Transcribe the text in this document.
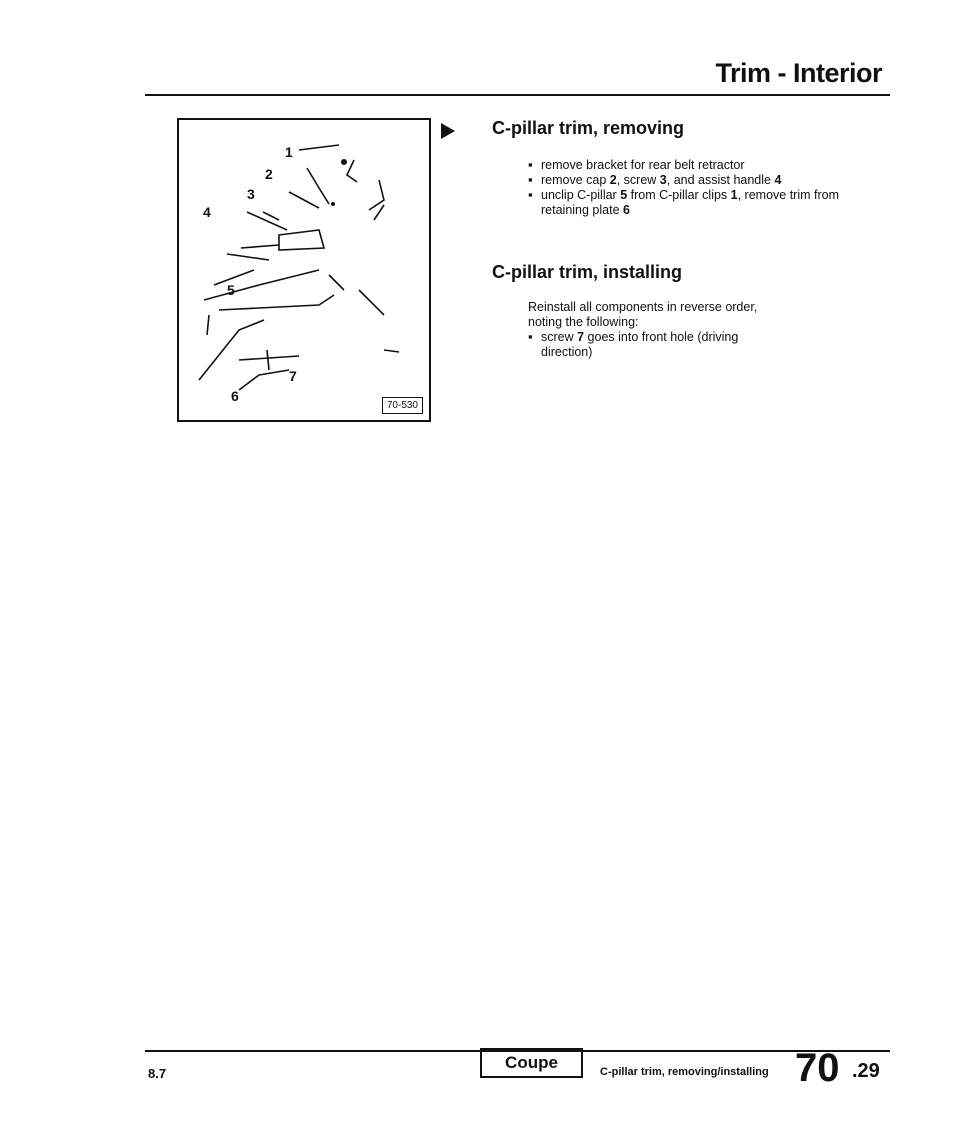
Trim - Interior
1
2
3
4
5
6
7
70-530
C-pillar trim, removing
▪ remove bracket for rear belt retractor
▪ remove cap 2, screw 3, and assist handle 4
▪ unclip C-pillar 5 from C-pillar clips 1, remove trim from retaining plate 6
C-pillar trim, installing
Reinstall all components in reverse order,
noting the following:
▪ screw 7 goes into front hole (driving direction)
8.7
Coupe	C-pillar trim, removing/installing 70 .29
